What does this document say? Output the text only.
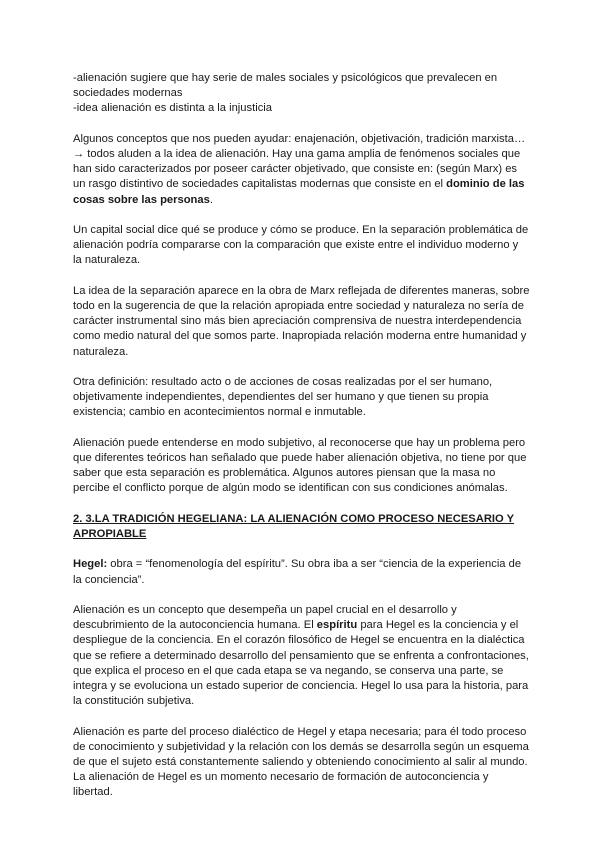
-alienación sugiere que hay serie de males sociales y psicológicos que prevalecen en sociedades modernas
-idea alienación es distinta a la injusticia

Algunos conceptos que nos pueden ayudar: enajenación, objetivación, tradición marxista… → todos aluden a la idea de alienación. Hay una gama amplia de fenómenos sociales que han sido caracterizados por poseer carácter objetivado, que consiste en: (según Marx) es un rasgo distintivo de sociedades capitalistas modernas que consiste en el dominio de las cosas sobre las personas.

Un capital social dice qué se produce y cómo se produce. En la separación problemática de alienación podría compararse con la comparación que existe entre el individuo moderno y la naturaleza.

La idea de la separación aparece en la obra de Marx reflejada de diferentes maneras, sobre todo en la sugerencia de que la relación apropiada entre sociedad y naturaleza no sería de carácter instrumental sino más bien apreciación comprensiva de nuestra interdependencia como medio natural del que somos parte. Inapropiada relación moderna entre humanidad y naturaleza.

Otra definición: resultado acto o de acciones de cosas realizadas por el ser humano, objetivamente independientes, dependientes del ser humano y que tienen su propia existencia; cambio en acontecimientos normal e inmutable.

Alienación puede entenderse en modo subjetivo, al reconocerse que hay un problema pero que diferentes teóricos han señalado que puede haber alienación objetiva, no tiene por que saber que esta separación es problemática. Algunos autores piensan que la masa no percibe el conflicto porque de algún modo se identifican con sus condiciones anómalas.

2. 3.LA TRADICIÓN HEGELIANA: LA ALIENACIÓN COMO PROCESO NECESARIO Y APROPIABLE

Hegel: obra = “fenomenología del espíritu”. Su obra iba a ser “ciencia de la experiencia de la conciencia”.

Alienación es un concepto que desempeña un papel crucial en el desarrollo y descubrimiento de la autoconciencia humana. El espíritu para Hegel es la conciencia y el despliegue de la conciencia. En el corazón filosófico de Hegel se encuentra en la dialéctica que se refiere a determinado desarrollo del pensamiento que se enfrenta a confrontaciones, que explica el proceso en el que cada etapa se va negando, se conserva una parte, se integra y se evoluciona un estado superior de conciencia. Hegel lo usa para la historia, para la constitución subjetiva.

Alienación es parte del proceso dialéctico de Hegel y etapa necesaria; para él todo proceso de conocimiento y subjetividad y la relación con los demás se desarrolla según un esquema de que el sujeto está constantemente saliendo y obteniendo conocimiento al salir al mundo. La alienación de Hegel es un momento necesario de formación de autoconciencia y libertad.
